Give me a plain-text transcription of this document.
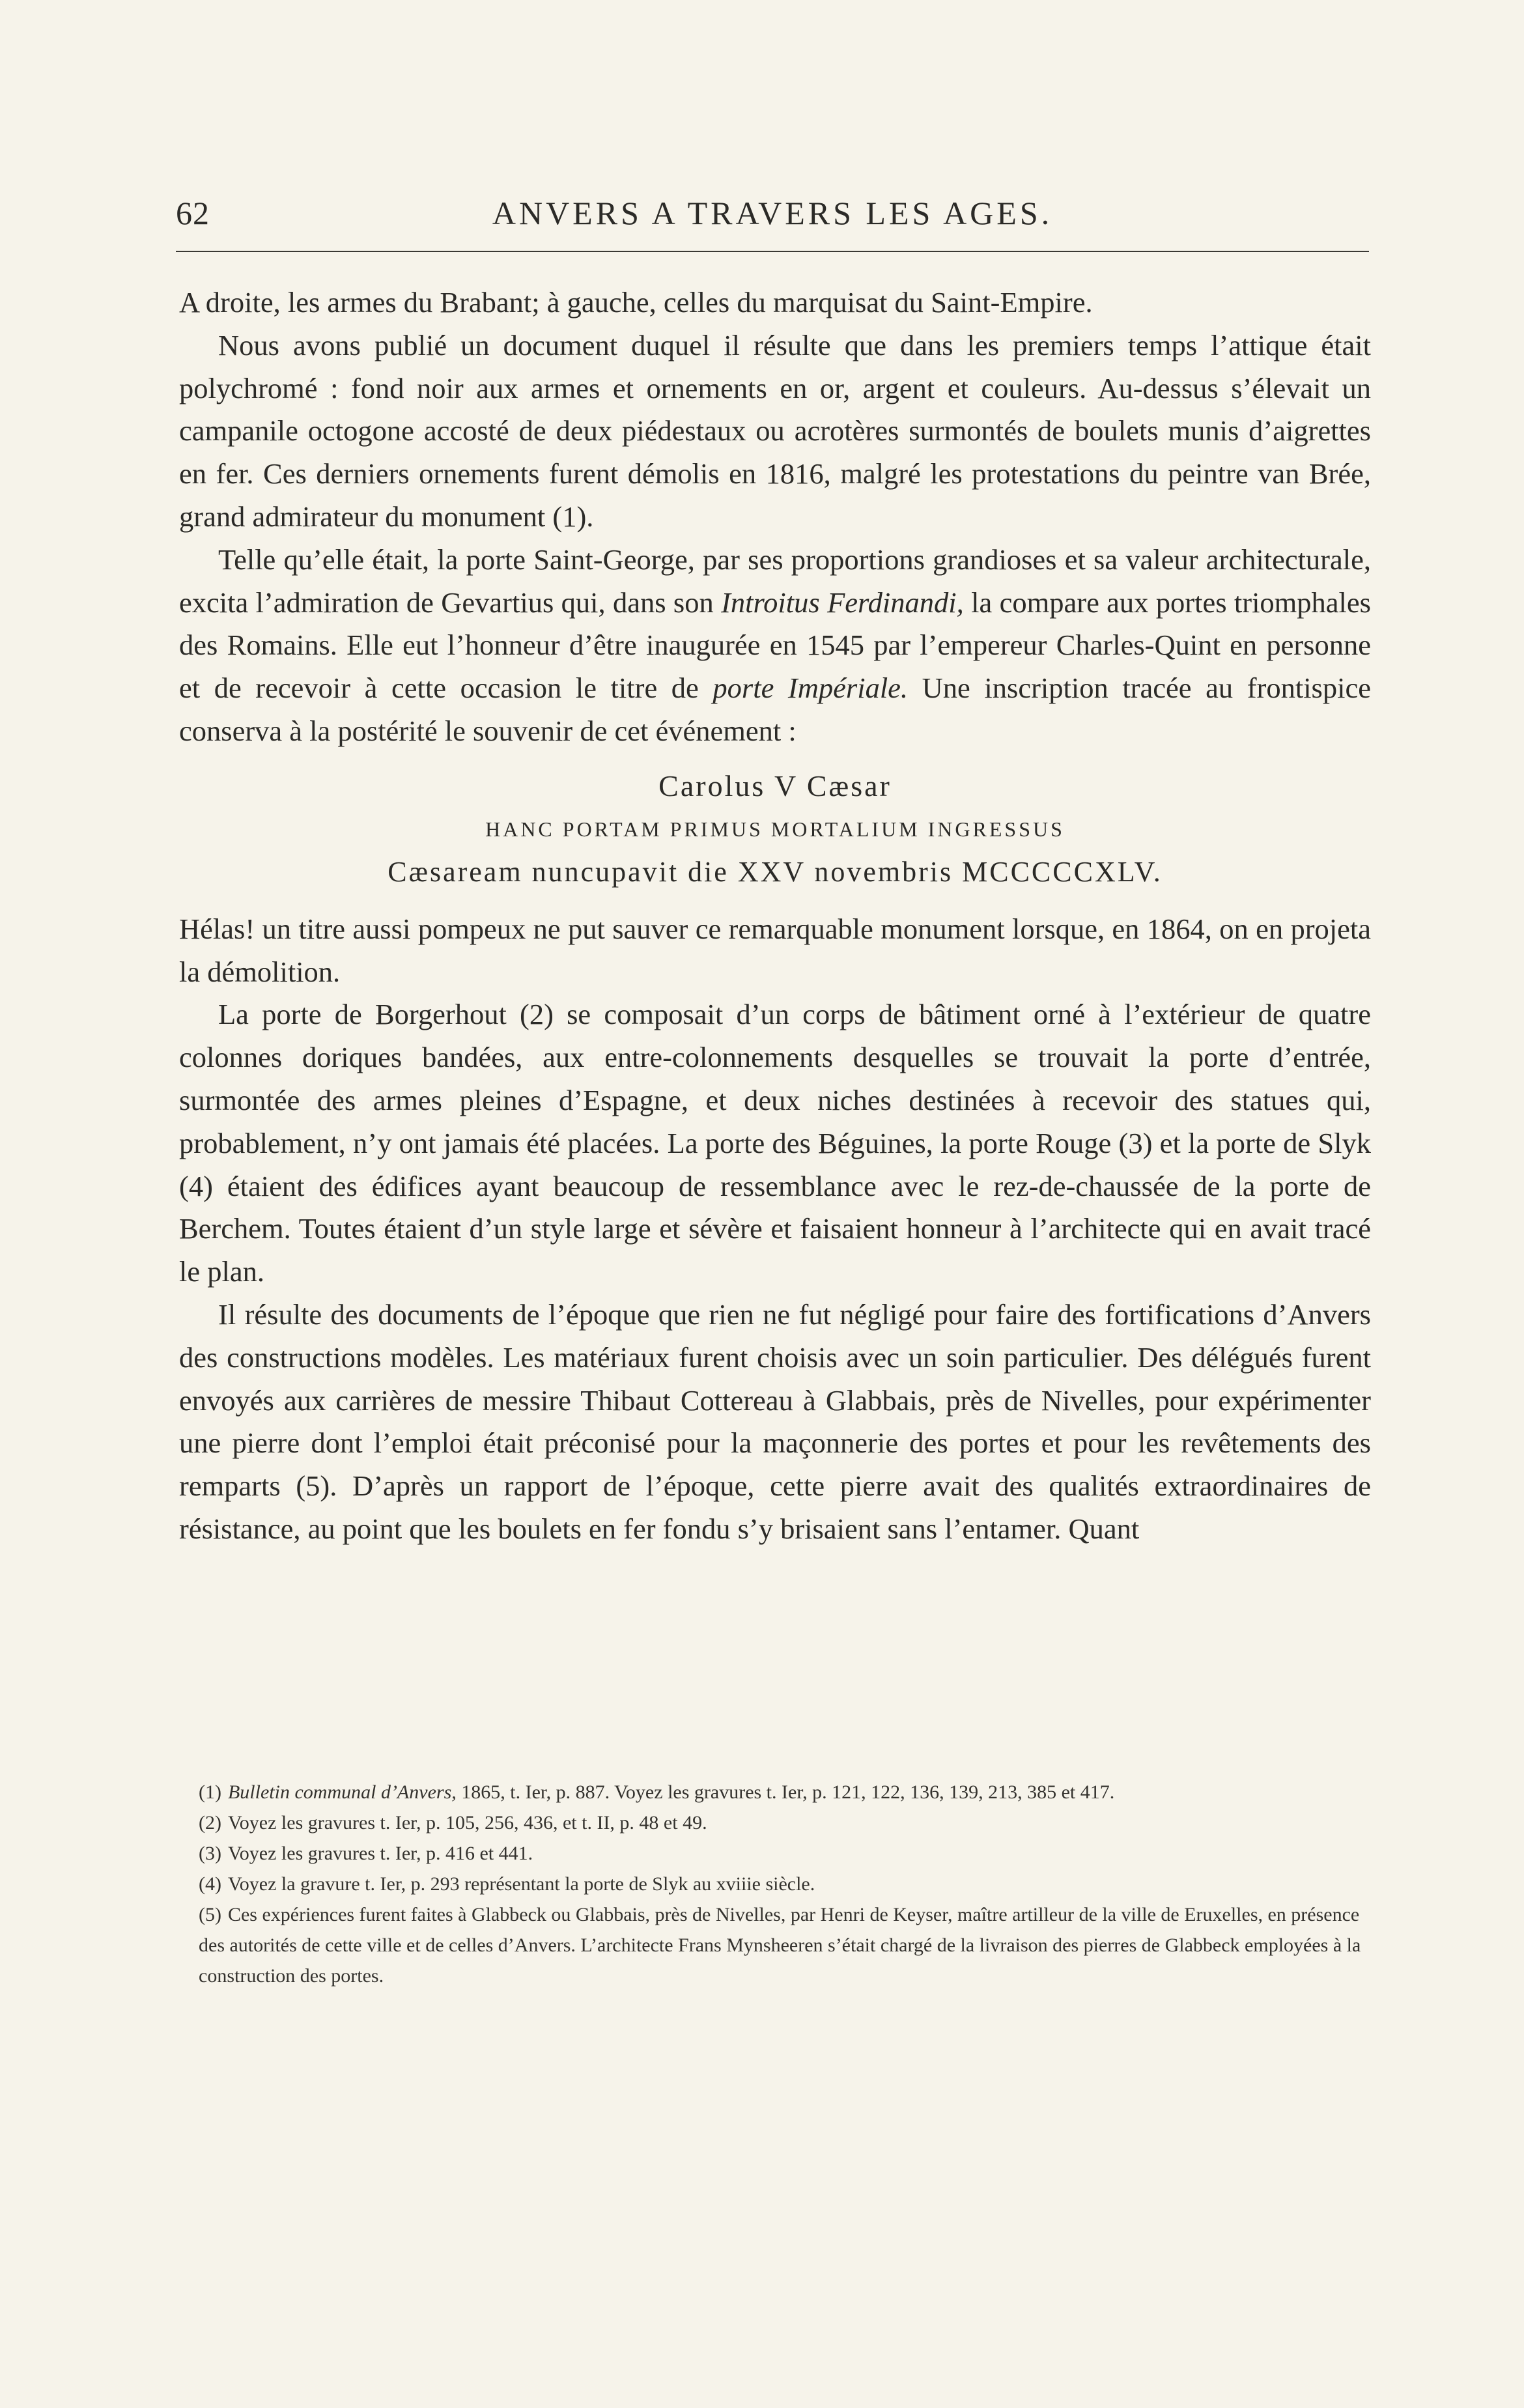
62	ANVERS A TRAVERS LES AGES.

A droite, les armes du Brabant; à gauche, celles du marquisat du Saint-Empire.

Nous avons publié un document duquel il résulte que dans les premiers temps l’attique était polychromé : fond noir aux armes et ornements en or, argent et couleurs. Au-dessus s’élevait un campanile octogone accosté de deux piédestaux ou acrotères surmontés de boulets munis d’aigrettes en fer. Ces derniers ornements furent démolis en 1816, malgré les protestations du peintre van Brée, grand admirateur du monument (1).

Telle qu’elle était, la porte Saint-George, par ses proportions grandioses et sa valeur architecturale, excita l’admiration de Gevartius qui, dans son Introitus Ferdinandi, la compare aux portes triomphales des Romains. Elle eut l’honneur d’être inaugurée en 1545 par l’empereur Charles-Quint en personne et de recevoir à cette occasion le titre de porte Impériale. Une inscription tracée au frontispice conserva à la postérité le souvenir de cet événement :

Carolus V Cæsar
HANC PORTAM PRIMUS MORTALIUM INGRESSUS
Cæsaream nuncupavit die XXV novembris MCCCCCXLV.

Hélas! un titre aussi pompeux ne put sauver ce remarquable monument lorsque, en 1864, on en projeta la démolition.

La porte de Borgerhout (2) se composait d’un corps de bâtiment orné à l’extérieur de quatre colonnes doriques bandées, aux entre-colonnements desquelles se trouvait la porte d’entrée, surmontée des armes pleines d’Espagne, et deux niches destinées à recevoir des statues qui, probablement, n’y ont jamais été placées. La porte des Béguines, la porte Rouge (3) et la porte de Slyk (4) étaient des édifices ayant beaucoup de ressemblance avec le rez-de-chaussée de la porte de Berchem. Toutes étaient d’un style large et sévère et faisaient honneur à l’architecte qui en avait tracé le plan.

Il résulte des documents de l’époque que rien ne fut négligé pour faire des fortifications d’Anvers des constructions modèles. Les matériaux furent choisis avec un soin particulier. Des délégués furent envoyés aux carrières de messire Thibaut Cottereau à Glabbais, près de Nivelles, pour expérimenter une pierre dont l’emploi était préconisé pour la maçonnerie des portes et pour les revêtements des remparts (5). D’après un rapport de l’époque, cette pierre avait des qualités extraordinaires de résistance, au point que les boulets en fer fondu s’y brisaient sans l’entamer. Quant

(1) Bulletin communal d’Anvers, 1865, t. Ier, p. 887. Voyez les gravures t. Ier, p. 121, 122, 136, 139, 213, 385 et 417.

(2) Voyez les gravures t. Ier, p. 105, 256, 436, et t. II, p. 48 et 49.

(3) Voyez les gravures t. Ier, p. 416 et 441.

(4) Voyez la gravure t. Ier, p. 293 représentant la porte de Slyk au xviiie siècle.

(5) Ces expériences furent faites à Glabbeck ou Glabbais, près de Nivelles, par Henri de Keyser, maître artilleur de la ville de Eruxelles, en présence des autorités de cette ville et de celles d’Anvers. L’architecte Frans Mynsheeren s’était chargé de la livraison des pierres de Glabbeck employées à la construction des portes.
